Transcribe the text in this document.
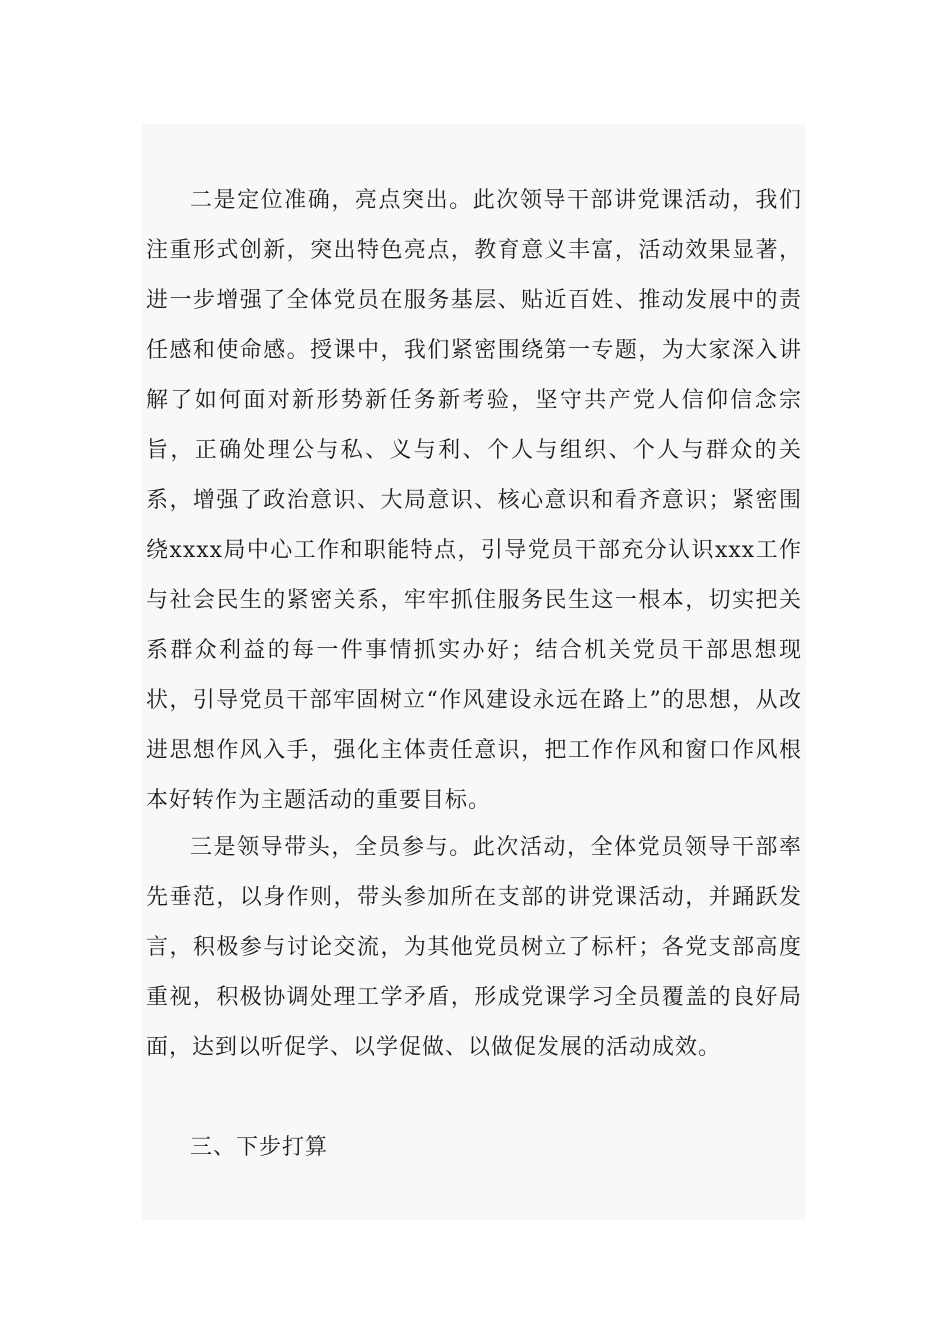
二是定位准确，亮点突出。此次领导干部讲党课活动，我们注重形式创新，突出特色亮点，教育意义丰富，活动效果显著，进一步增强了全体党员在服务基层、贴近百姓、推动发展中的责任感和使命感。授课中，我们紧密围绕第一专题，为大家深入讲解了如何面对新形势新任务新考验，坚守共产党人信仰信念宗旨，正确处理公与私、义与利、个人与组织、个人与群众的关系，增强了政治意识、大局意识、核心意识和看齐意识；紧密围绕xxxx局中心工作和职能特点，引导党员干部充分认识xxx工作与社会民生的紧密关系，牢牢抓住服务民生这一根本，切实把关系群众利益的每一件事情抓实办好；结合机关党员干部思想现状，引导党员干部牢固树立“作风建设永远在路上”的思想，从改进思想作风入手，强化主体责任意识，把工作作风和窗口作风根本好转作为主题活动的重要目标。

三是领导带头，全员参与。此次活动，全体党员领导干部率先垂范，以身作则，带头参加所在支部的讲党课活动，并踊跃发言，积极参与讨论交流，为其他党员树立了标杆；各党支部高度重视，积极协调处理工学矛盾，形成党课学习全员覆盖的良好局面，达到以听促学、以学促做、以做促发展的活动成效。

三、下步打算
